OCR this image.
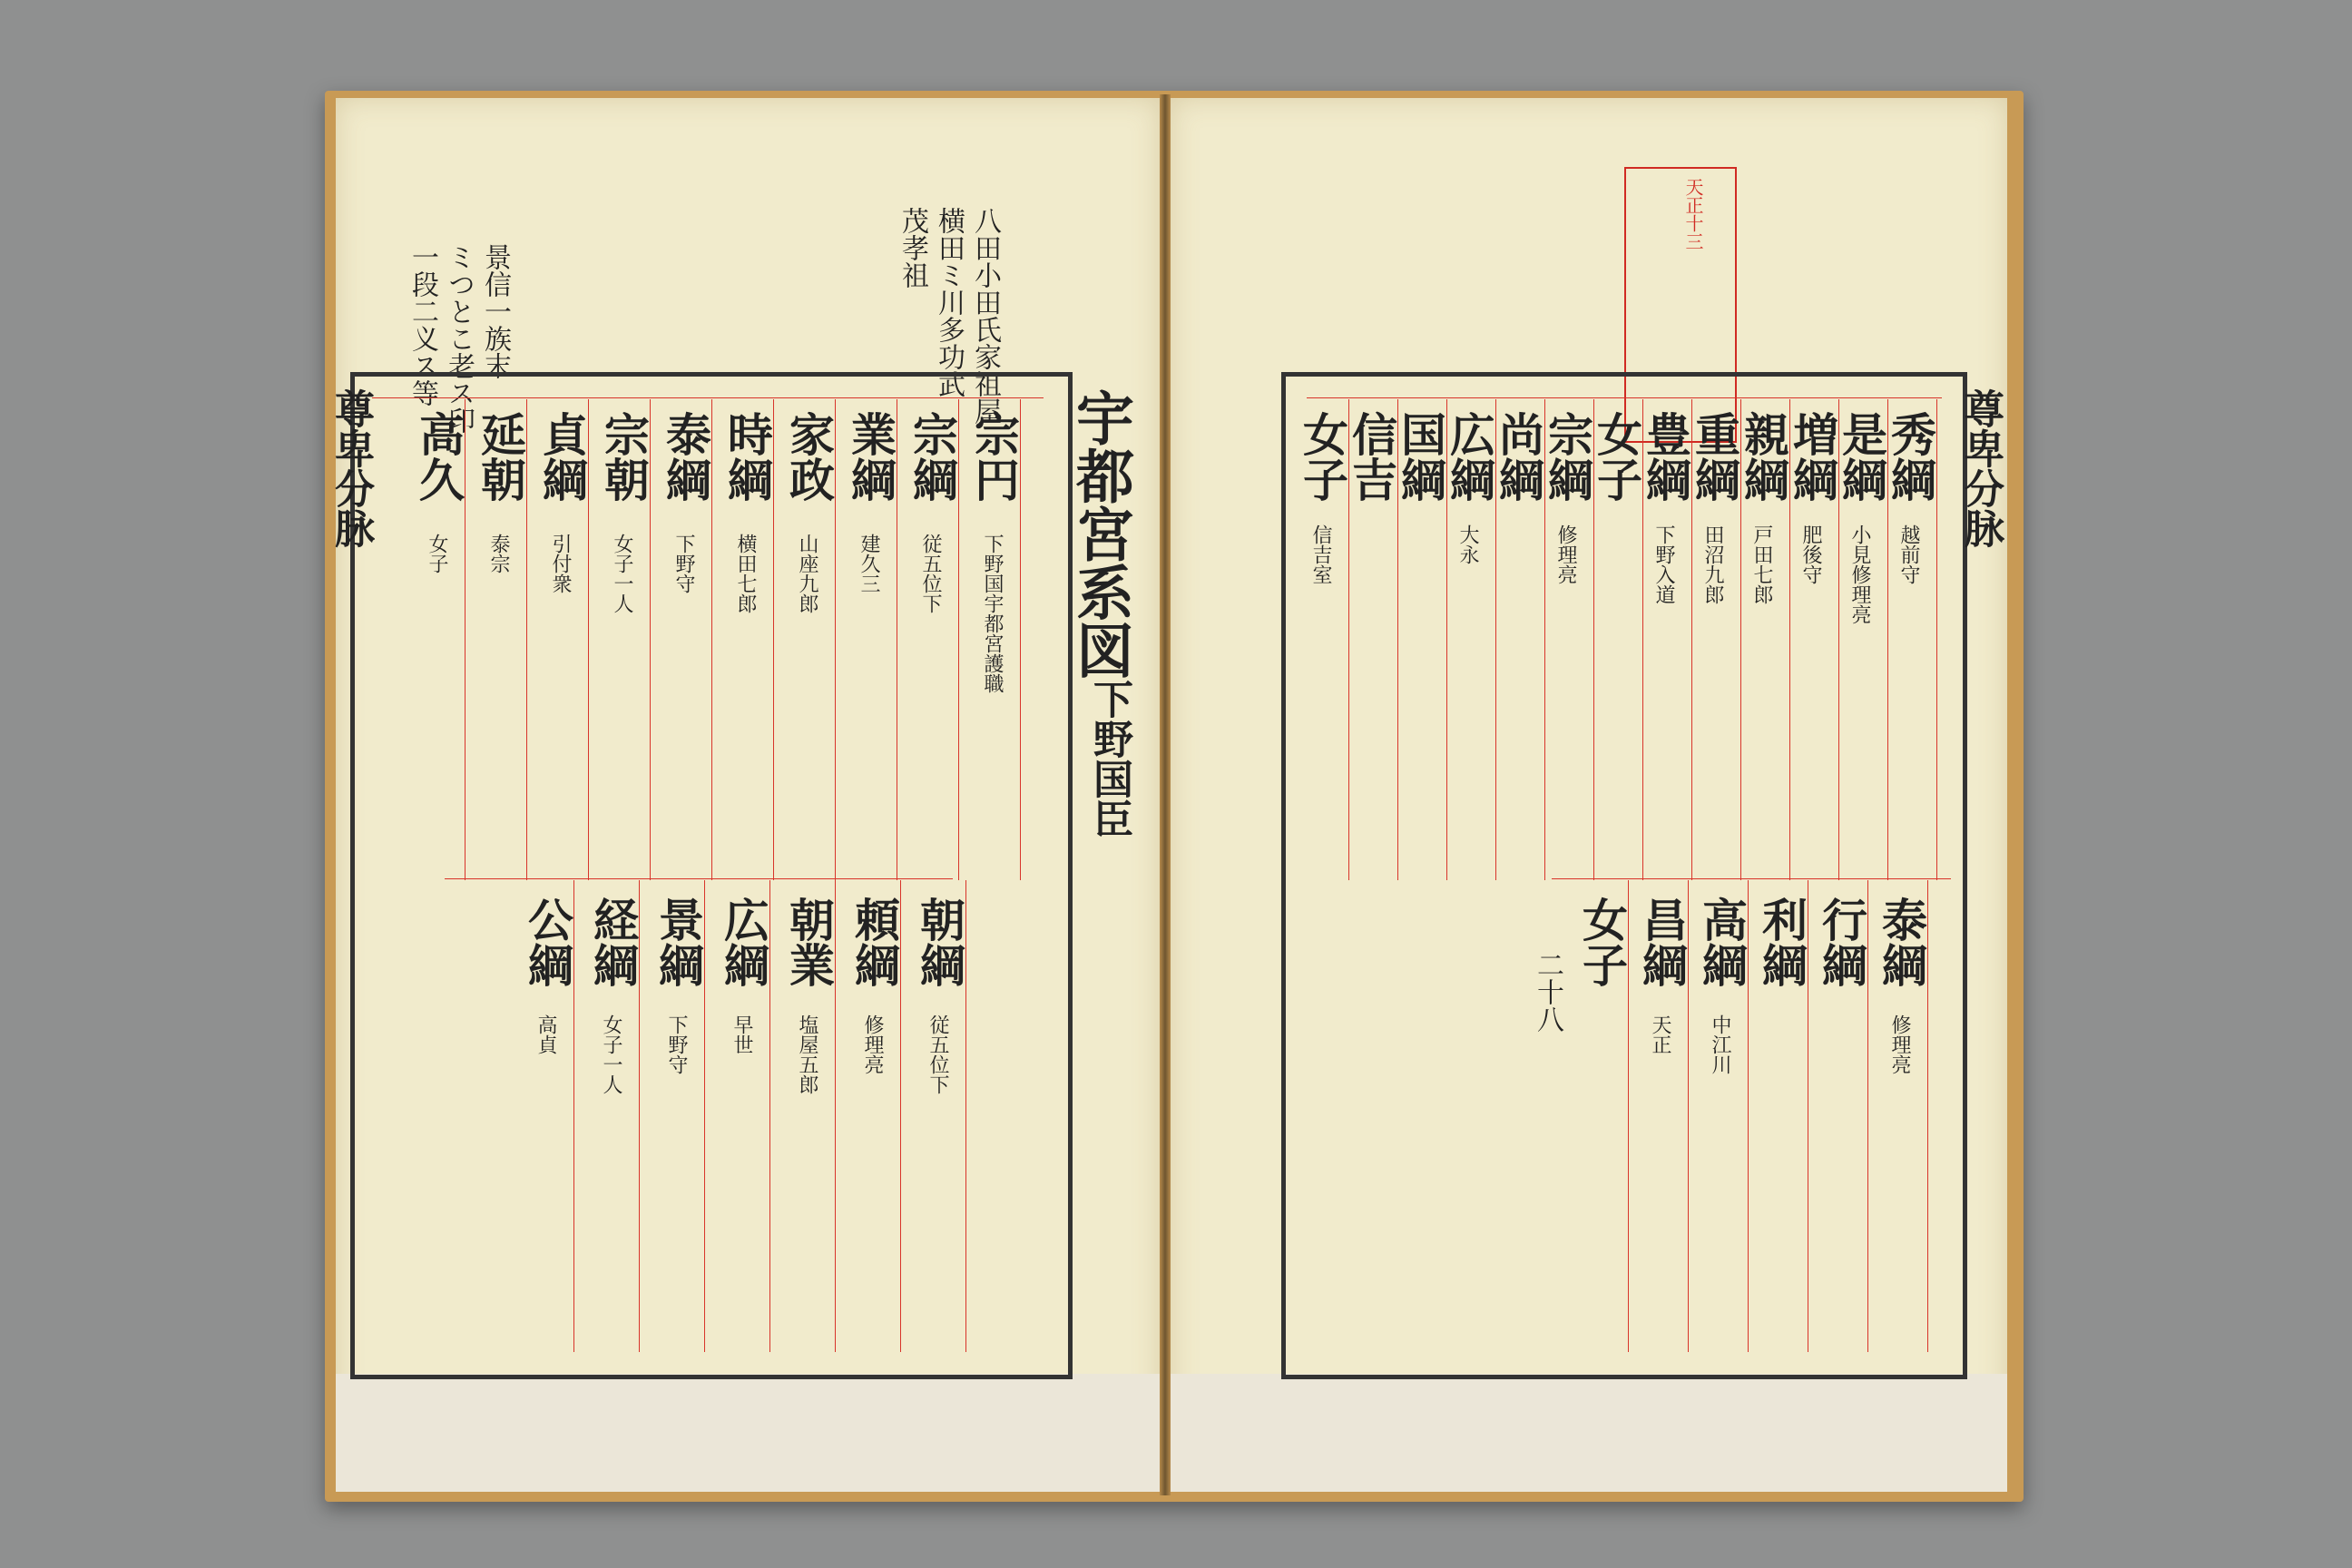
景信一族末
ミつとこ老ス印
一段二义ス等	八田小田氏家祖屋
横田ミ川多功武
茂孝祖
尊卑分脉	宇都宮系図
下野国臣
宗円
下野国宇都宮護職
宗綱
従五位下
業綱
建久三
家政
山座九郎
時綱
横田七郎
泰綱
下野守
宗朝
女子一人
貞綱
引付衆
延朝
泰宗
高久
女子
朝綱
従五位下
頼綱
修理亮
朝業
塩屋五郎
広綱
早世
景綱
下野守
経綱
女子一人
公綱
高貞
天正十三
尊卑分脉
二十八
秀綱
越前守
是綱
小見修理亮
増綱
肥後守
親綱
戸田七郎
重綱
田沼九郎
豊綱
下野入道
女子
宗綱
修理亮
尚綱
広綱
大永
国綱
信吉
女子
信吉室
泰綱
修理亮
行綱
利綱
高綱
中江川
昌綱
天正
女子
